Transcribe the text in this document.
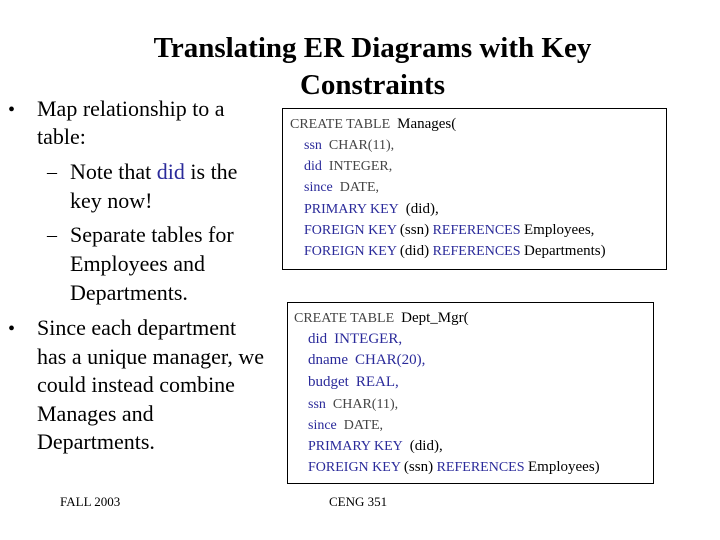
Translating ER Diagrams with Key Constraints
• Map relationship to a
table:
– Note that did is the
key now!
– Separate tables for
Employees and
Departments.
• Since each department
has a unique manager, we
could instead combine
Manages and
Departments.
CREATE TABLE Manages(
ssn CHAR(11),
did INTEGER,
since DATE,
PRIMARY KEY (did),
FOREIGN KEY (ssn) REFERENCES Employees,
FOREIGN KEY (did) REFERENCES Departments)
CREATE TABLE Dept_Mgr(
did INTEGER,
dname CHAR(20),
budget REAL,
ssn CHAR(11),
since DATE,
PRIMARY KEY (did),
FOREIGN KEY (ssn) REFERENCES Employees)
FALL 2003	CENG 351
